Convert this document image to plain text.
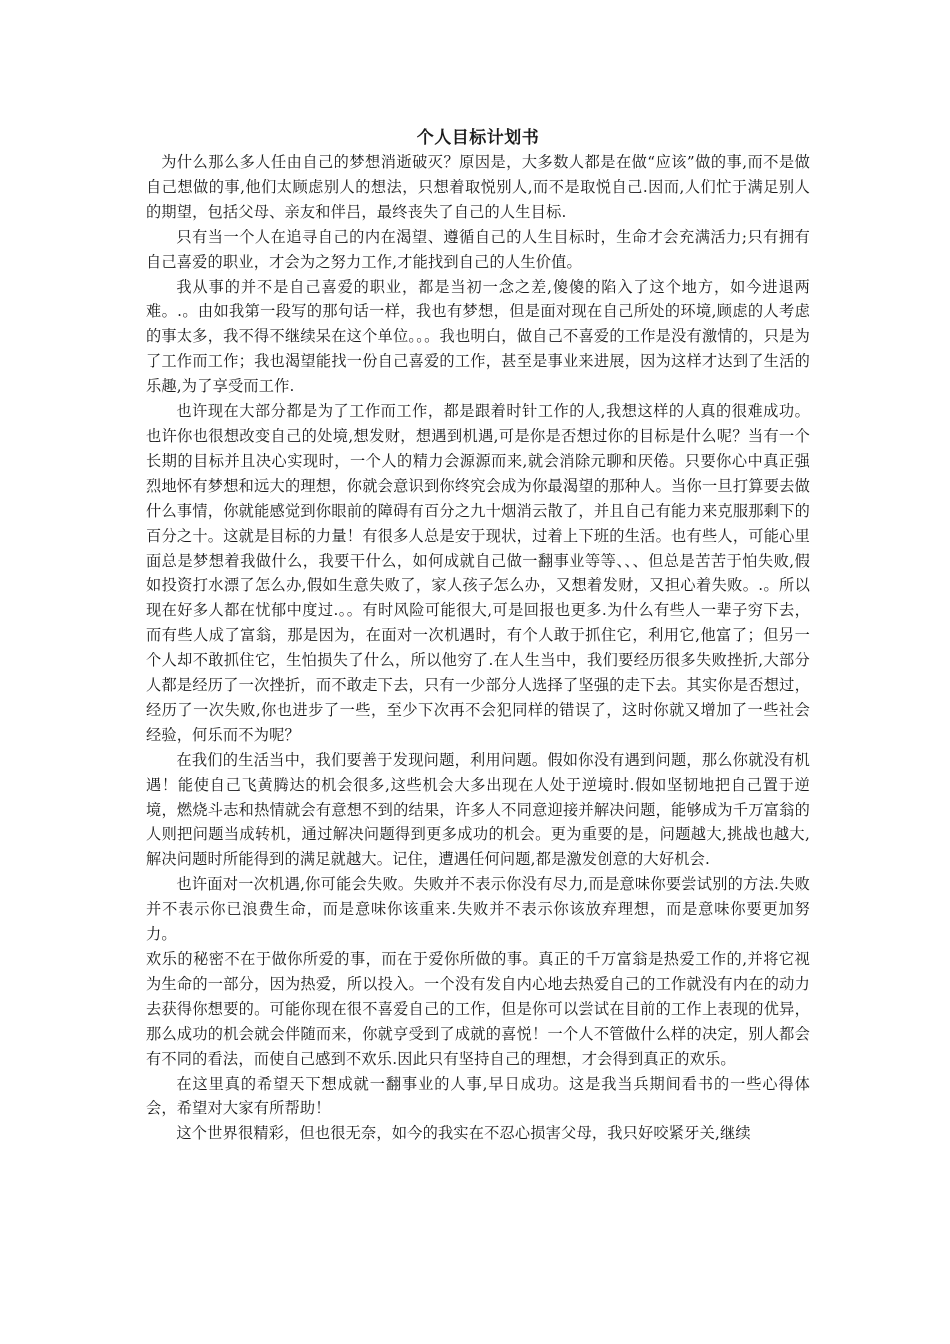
个人目标计划书

为什么那么多人任由自己的梦想消逝破灭？原因是，大多数人都是在做“应该”做的事,而不是做自己想做的事,他们太顾虑别人的想法，只想着取悦别人,而不是取悦自己.因而,人们忙于满足别人的期望，包括父母、亲友和伴吕，最终丧失了自己的人生目标.

只有当一个人在追寻自己的内在渴望、遵循自己的人生目标时，生命才会充满活力;只有拥有自己喜爱的职业，才会为之努力工作,才能找到自己的人生价值。

我从事的并不是自己喜爱的职业，都是当初一念之差,傻傻的陷入了这个地方，如今进退两难。.。由如我第一段写的那句话一样，我也有梦想，但是面对现在自己所处的环境,顾虑的人考虑的事太多，我不得不继续呆在这个单位。。。我也明白，做自己不喜爱的工作是没有激情的，只是为了工作而工作；我也渴望能找一份自己喜爱的工作，甚至是事业来进展，因为这样才达到了生活的乐趣,为了享受而工作.

也许现在大部分都是为了工作而工作，都是跟着时针工作的人,我想这样的人真的很难成功。也许你也很想改变自己的处境,想发财，想遇到机遇,可是你是否想过你的目标是什么呢？当有一个长期的目标并且决心实现时，一个人的精力会源源而来,就会消除元聊和厌倦。只要你心中真正强烈地怀有梦想和远大的理想，你就会意识到你终究会成为你最渴望的那种人。当你一旦打算要去做什么事情，你就能感觉到你眼前的障碍有百分之九十烟消云散了，并且自己有能力来克服那剩下的百分之十。这就是目标的力量！有很多人总是安于现状，过着上下班的生活。也有些人，可能心里面总是梦想着我做什么，我要干什么，如何成就自己做一翻事业等等、、、但总是苦苦于怕失败,假如投资打水漂了怎么办,假如生意失败了，家人孩子怎么办，又想着发财，又担心着失败。.。所以现在好多人都在忧郁中度过.。。有时风险可能很大,可是回报也更多.为什么有些人一辈子穷下去，而有些人成了富翁，那是因为，在面对一次机遇时，有个人敢于抓住它，利用它,他富了；但另一个人却不敢抓住它，生怕损失了什么，所以他穷了.在人生当中，我们要经历很多失败挫折,大部分人都是经历了一次挫折，而不敢走下去，只有一少部分人选择了坚强的走下去。其实你是否想过，经历了一次失败,你也进步了一些，至少下次再不会犯同样的错误了，这时你就又增加了一些社会经验，何乐而不为呢？

在我们的生活当中，我们要善于发现问题，利用问题。假如你没有遇到问题，那么你就没有机遇！能使自己飞黄腾达的机会很多,这些机会大多出现在人处于逆境时.假如坚韧地把自己置于逆境，燃烧斗志和热情就会有意想不到的结果，许多人不同意迎接并解决问题，能够成为千万富翁的人则把问题当成转机，通过解决问题得到更多成功的机会。更为重要的是，问题越大,挑战也越大,解决问题时所能得到的满足就越大。记住，遭遇任何问题,都是激发创意的大好机会.

也许面对一次机遇,你可能会失败。失败并不表示你没有尽力,而是意味你要尝试别的方法.失败并不表示你已浪费生命，而是意味你该重来.失败并不表示你该放弃理想，而是意味你要更加努力。

欢乐的秘密不在于做你所爱的事，而在于爱你所做的事。真正的千万富翁是热爱工作的,并将它视为生命的一部分，因为热爱，所以投入。一个没有发自内心地去热爱自己的工作就没有内在的动力去获得你想要的。可能你现在很不喜爱自己的工作，但是你可以尝试在目前的工作上表现的优异，那么成功的机会就会伴随而来，你就亨受到了成就的喜悦！一个人不管做什么样的决定，别人都会有不同的看法，而使自己感到不欢乐.因此只有坚持自己的理想，才会得到真正的欢乐。

在这里真的希望天下想成就一翻事业的人事,早日成功。这是我当兵期间看书的一些心得体会，希望对大家有所帮助！

这个世界很精彩，但也很无奈，如今的我实在不忍心损害父母，我只好咬紧牙关,继续
